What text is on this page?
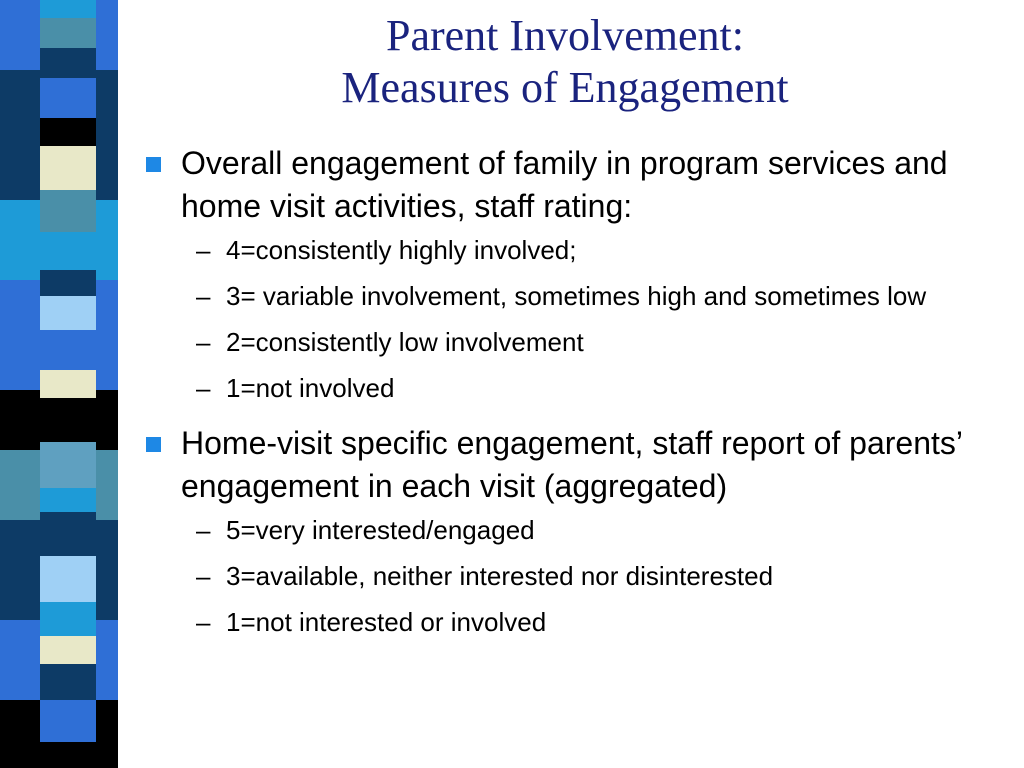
Parent Involvement:
Measures of Engagement
Overall engagement of family in program services and home visit activities, staff rating:
– 4=consistently highly involved;
– 3= variable involvement, sometimes high and sometimes low
– 2=consistently low involvement
– 1=not involved
Home-visit specific engagement, staff report of parents’ engagement in each visit (aggregated)
– 5=very interested/engaged
– 3=available, neither interested nor disinterested
– 1=not interested or involved
